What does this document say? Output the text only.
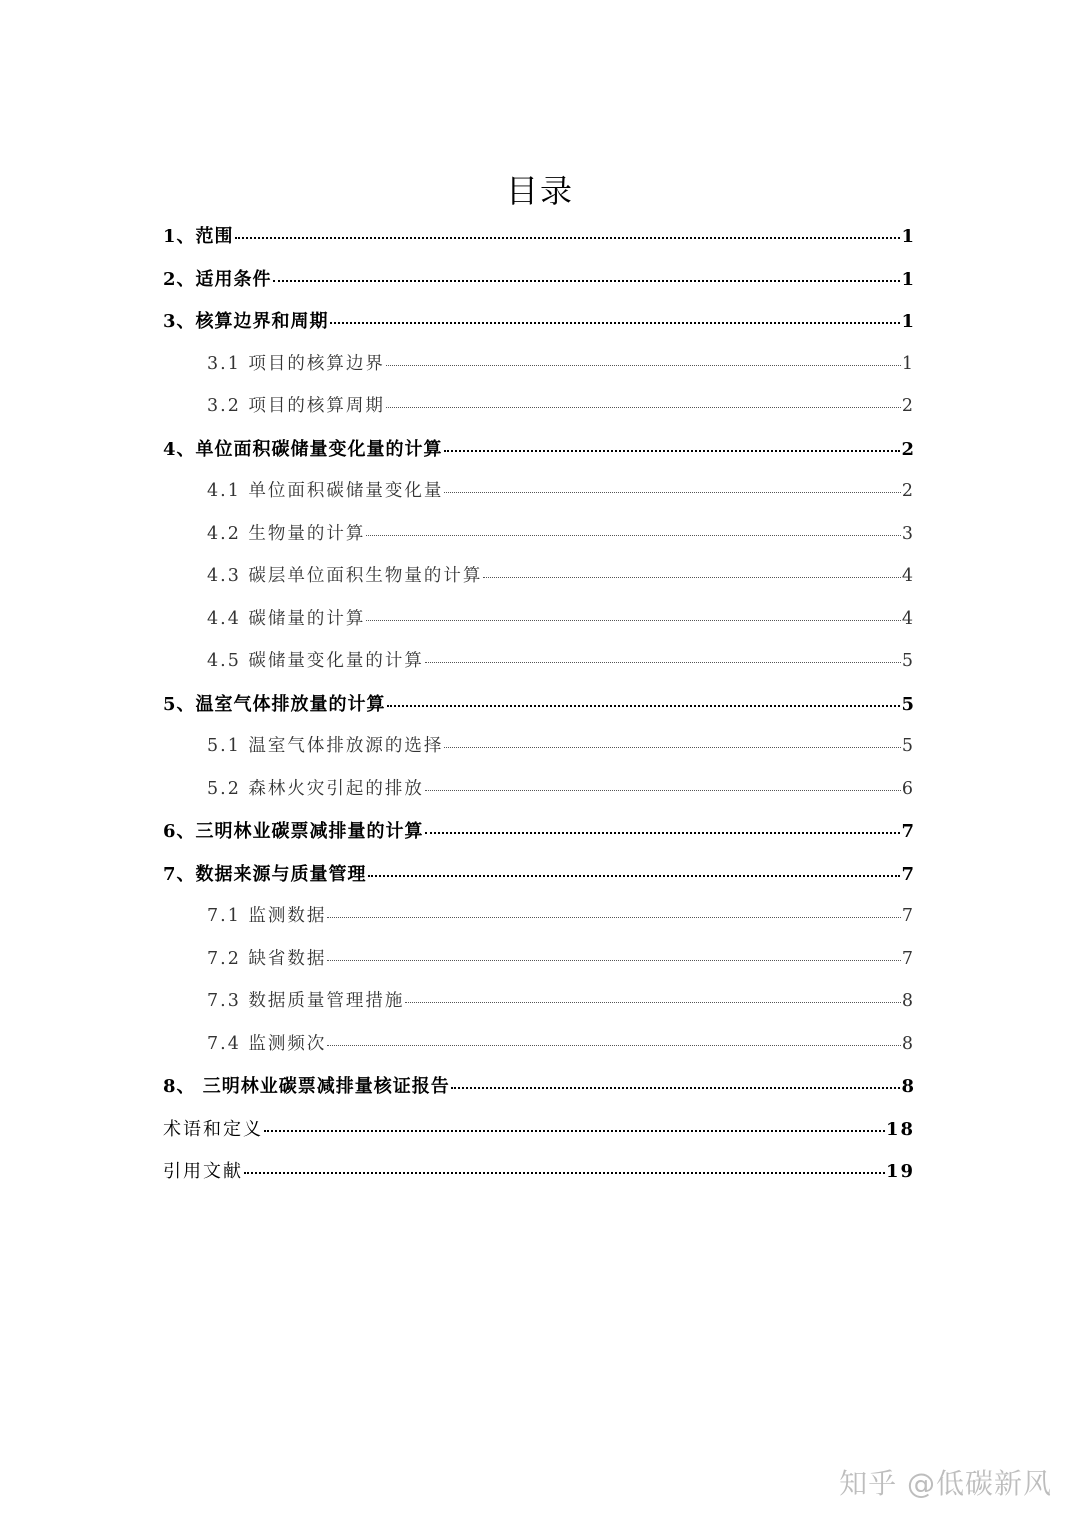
目录
1、范围	1
2、适用条件	1
3、核算边界和周期	1
3.1 项目的核算边界	1
3.2 项目的核算周期	2
4、单位面积碳储量变化量的计算	2
4.1 单位面积碳储量变化量	2
4.2 生物量的计算	3
4.3 碳层单位面积生物量的计算	4
4.4 碳储量的计算	4
4.5 碳储量变化量的计算	5
5、温室气体排放量的计算	5
5.1 温室气体排放源的选择	5
5.2 森林火灾引起的排放	6
6、三明林业碳票减排量的计算	7
7、数据来源与质量管理	7
7.1 监测数据	7
7.2 缺省数据	7
7.3 数据质量管理措施	8
7.4 监测频次	8
8、 三明林业碳票减排量核证报告	8
术语和定义	18
引用文献	19
知乎 @低碳新风
